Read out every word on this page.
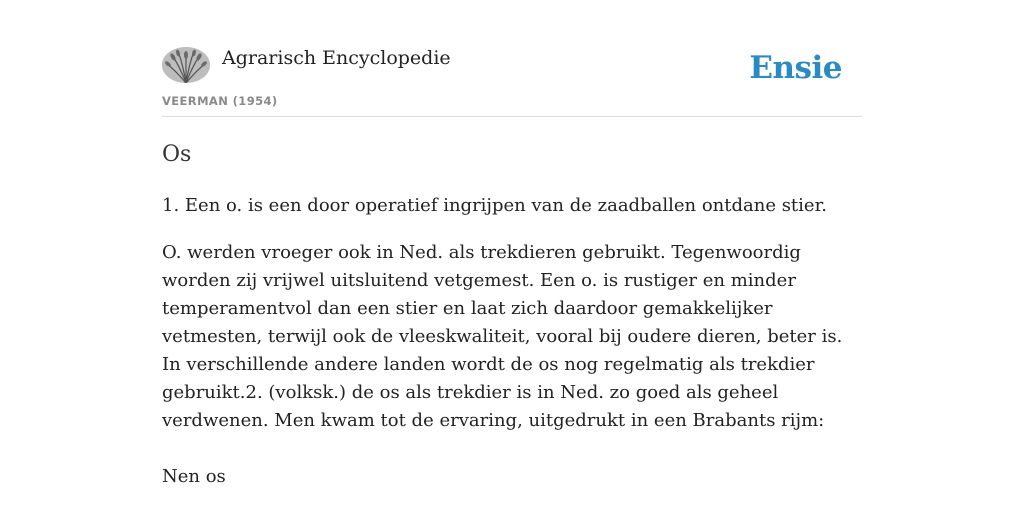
Agrarisch Encyclopedie
VEERMAN (1954)
Ensie
Os

1. Een o. is een door operatief ingrijpen van de zaadballen ontdane stier.

O. werden vroeger ook in Ned. als trekdieren gebruikt. Tegenwoordig worden zij vrijwel uitsluitend vetgemest. Een o. is rustiger en minder temperamentvol dan een stier en laat zich daardoor gemakkelijker vetmesten, terwijl ook de vleeskwaliteit, vooral bij oudere dieren, beter is. In verschillende andere landen wordt de os nog regelmatig als trekdier gebruikt.2. (volksk.) de os als trekdier is in Ned. zo goed als geheel verdwenen. Men kwam tot de ervaring, uitgedrukt in een Brabants rijm:

Nen os
